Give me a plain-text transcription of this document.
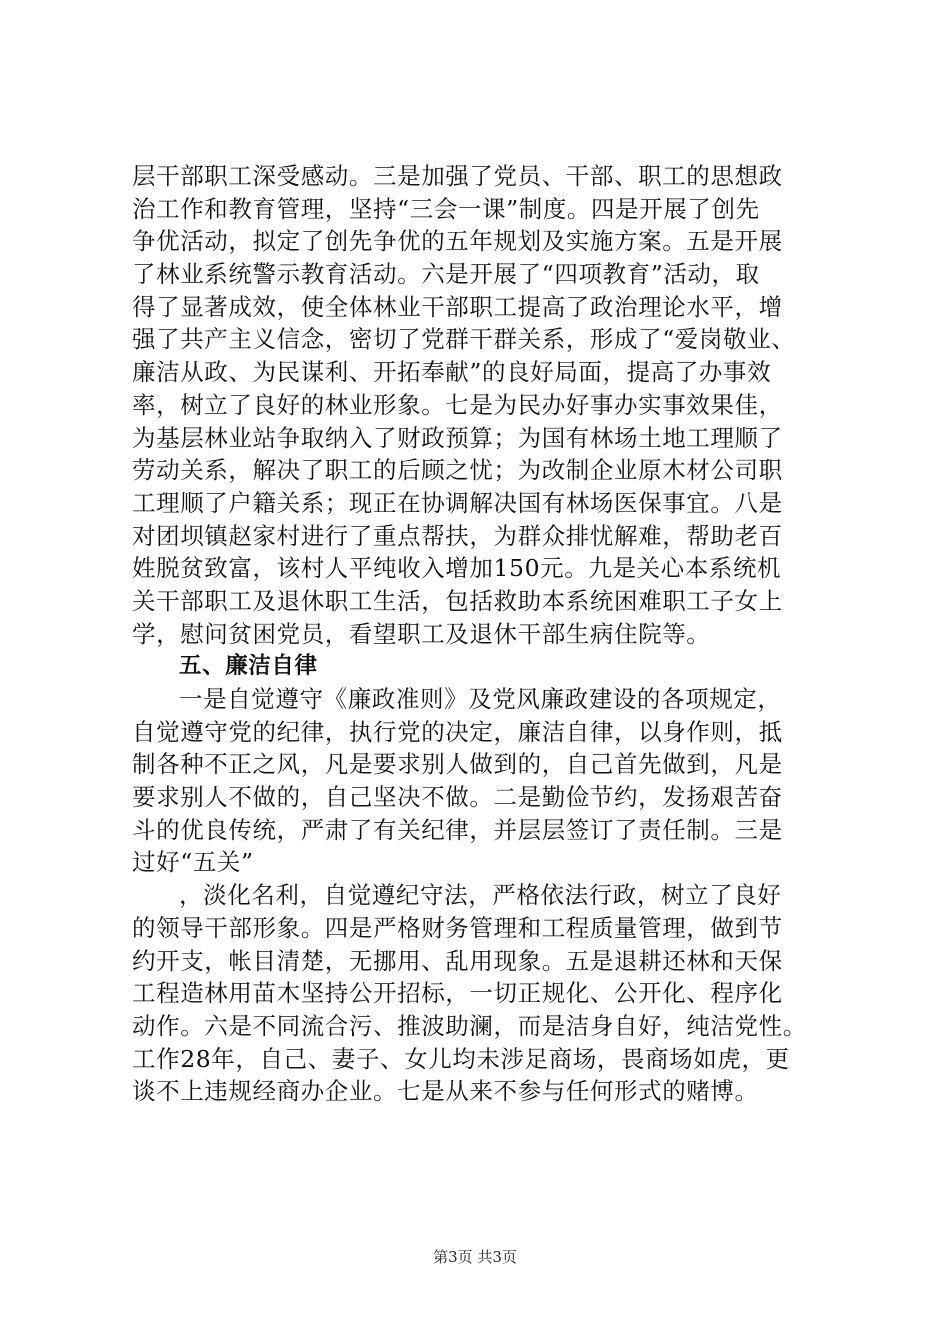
层干部职工深受感动。三是加强了党员、干部、职工的思想政
治工作和教育管理，坚持“三会一课”制度。四是开展了创先
争优活动，拟定了创先争优的五年规划及实施方案。五是开展
了林业系统警示教育活动。六是开展了“四项教育”活动，取
得了显著成效，使全体林业干部职工提高了政治理论水平，增
强了共产主义信念，密切了党群干群关系，形成了“爱岗敬业、
廉洁从政、为民谋利、开拓奉献”的良好局面，提高了办事效
率，树立了良好的林业形象。七是为民办好事办实事效果佳，
为基层林业站争取纳入了财政预算；为国有林场土地工理顺了
劳动关系，解决了职工的后顾之忧；为改制企业原木材公司职
工理顺了户籍关系；现正在协调解决国有林场医保事宜。八是
对团坝镇赵家村进行了重点帮扶，为群众排忧解难，帮助老百
姓脱贫致富，该村人平纯收入增加150元。九是关心本系统机
关干部职工及退休职工生活，包括救助本系统困难职工子女上
学，慰问贫困党员，看望职工及退休干部生病住院等。
五、廉洁自律
一是自觉遵守《廉政准则》及党风廉政建设的各项规定，
自觉遵守党的纪律，执行党的决定，廉洁自律，以身作则，抵
制各种不正之风，凡是要求别人做到的，自己首先做到，凡是
要求别人不做的，自己坚决不做。二是勤俭节约，发扬艰苦奋
斗的优良传统，严肃了有关纪律，并层层签订了责任制。三是
过好“五关”
，淡化名利，自觉遵纪守法，严格依法行政，树立了良好
的领导干部形象。四是严格财务管理和工程质量管理，做到节
约开支，帐目清楚，无挪用、乱用现象。五是退耕还林和天保
工程造林用苗木坚持公开招标，一切正规化、公开化、程序化
动作。六是不同流合污、推波助澜，而是洁身自好，纯洁党性。
工作28年，自己、妻子、女儿均未涉足商场，畏商场如虎，更
谈不上违规经商办企业。七是从来不参与任何形式的赌博。
第3页 共3页
